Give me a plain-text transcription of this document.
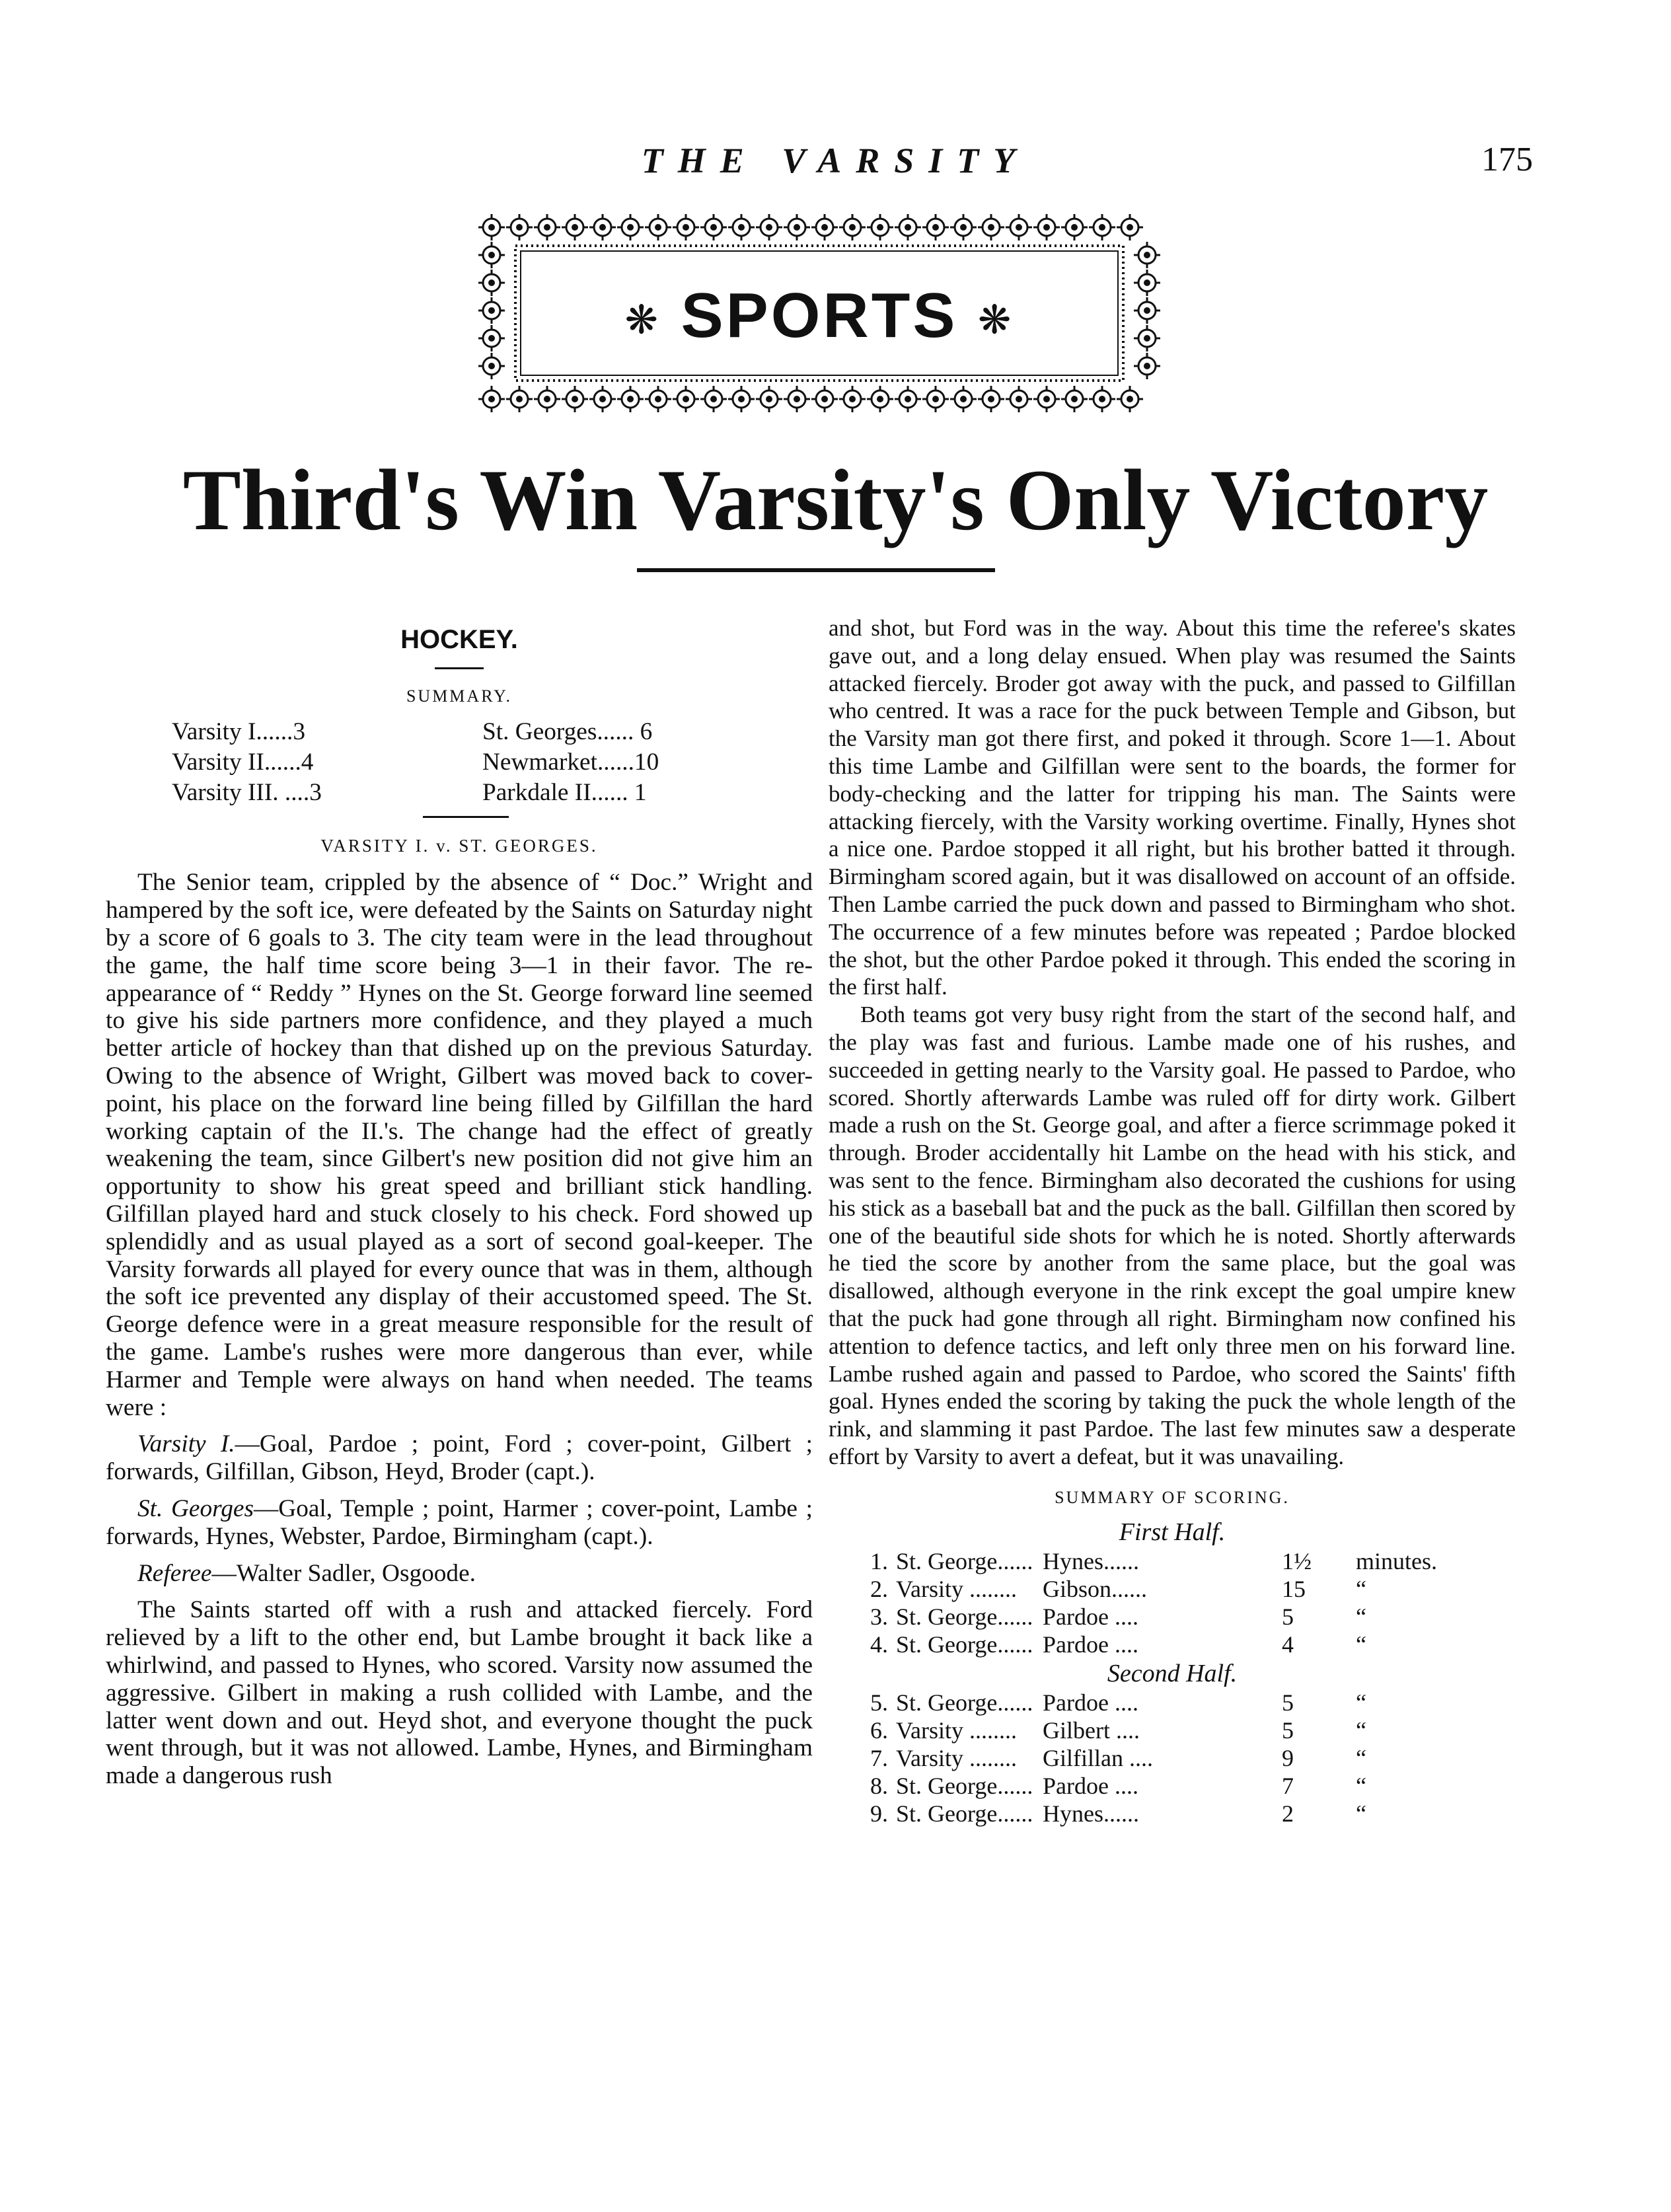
THE VARSITY	175
❋ SPORTS ❋
Third's Win Varsity's Only Victory
HOCKEY.
SUMMARY.
Varsity I......3	St. Georges...... 6
Varsity II......4	Newmarket......10
Varsity III. ....3	Parkdale II...... 1
VARSITY I. v. ST. GEORGES.

The Senior team, crippled by the absence of “ Doc.” Wright and hampered by the soft ice, were defeated by the Saints on Saturday night by a score of 6 goals to 3. The city team were in the lead throughout the game, the half time score being 3—1 in their favor. The re-appearance of “ Reddy ” Hynes on the St. George forward line seemed to give his side partners more confidence, and they played a much better article of hockey than that dished up on the previous Saturday. Owing to the absence of Wright, Gilbert was moved back to cover-point, his place on the forward line being filled by Gilfillan the hard working captain of the II.'s. The change had the effect of greatly weakening the team, since Gilbert's new position did not give him an opportunity to show his great speed and brilliant stick handling. Gilfillan played hard and stuck closely to his check. Ford showed up splendidly and as usual played as a sort of second goal-keeper. The Varsity forwards all played for every ounce that was in them, although the soft ice prevented any display of their accustomed speed. The St. George defence were in a great measure responsible for the result of the game. Lambe's rushes were more dangerous than ever, while Harmer and Temple were always on hand when needed. The teams were :

Varsity I.—Goal, Pardoe ; point, Ford ; cover-point, Gilbert ; forwards, Gilfillan, Gibson, Heyd, Broder (capt.).

St. Georges—Goal, Temple ; point, Harmer ; cover-point, Lambe ; forwards, Hynes, Webster, Pardoe, Birmingham (capt.).

Referee—Walter Sadler, Osgoode.

The Saints started off with a rush and attacked fiercely. Ford relieved by a lift to the other end, but Lambe brought it back like a whirlwind, and passed to Hynes, who scored. Varsity now assumed the aggressive. Gilbert in making a rush collided with Lambe, and the latter went down and out. Heyd shot, and everyone thought the puck went through, but it was not allowed. Lambe, Hynes, and Birmingham made a dangerous rush

and shot, but Ford was in the way. About this time the referee's skates gave out, and a long delay ensued. When play was resumed the Saints attacked fiercely. Broder got away with the puck, and passed to Gilfillan who centred. It was a race for the puck between Temple and Gibson, but the Varsity man got there first, and poked it through. Score 1—1. About this time Lambe and Gilfillan were sent to the boards, the former for body-checking and the latter for tripping his man. The Saints were attacking fiercely, with the Varsity working overtime. Finally, Hynes shot a nice one. Pardoe stopped it all right, but his brother batted it through. Birmingham scored again, but it was disallowed on account of an offside. Then Lambe carried the puck down and passed to Birmingham who shot. The occurrence of a few minutes before was repeated ; Pardoe blocked the shot, but the other Pardoe poked it through. This ended the scoring in the first half.

Both teams got very busy right from the start of the second half, and the play was fast and furious. Lambe made one of his rushes, and succeeded in getting nearly to the Varsity goal. He passed to Pardoe, who scored. Shortly afterwards Lambe was ruled off for dirty work. Gilbert made a rush on the St. George goal, and after a fierce scrimmage poked it through. Broder accidentally hit Lambe on the head with his stick, and was sent to the fence. Birmingham also decorated the cushions for using his stick as a baseball bat and the puck as the ball. Gilfillan then scored by one of the beautiful side shots for which he is noted. Shortly afterwards he tied the score by another from the same place, but the goal was disallowed, although everyone in the rink except the goal umpire knew that the puck had gone through all right. Birmingham now confined his attention to defence tactics, and left only three men on his forward line. Lambe rushed again and passed to Pardoe, who scored the Saints' fifth goal. Hynes ended the scoring by taking the puck the whole length of the rink, and slamming it past Pardoe. The last few minutes saw a desperate effort by Varsity to avert a defeat, but it was unavailing.

SUMMARY OF SCORING.
First Half.
1.	St. George......	Hynes......	1½	minutes.
2.	Varsity ........	Gibson......	15	“
3.	St. George......	Pardoe ....	5	“
4.	St. George......	Pardoe ....	4	“
Second Half.
5.	St. George......	Pardoe ....	5	“
6.	Varsity ........	Gilbert ....	5	“
7.	Varsity ........	Gilfillan ....	9	“
8.	St. George......	Pardoe ....	7	“
9.	St. George......	Hynes......	2	“
